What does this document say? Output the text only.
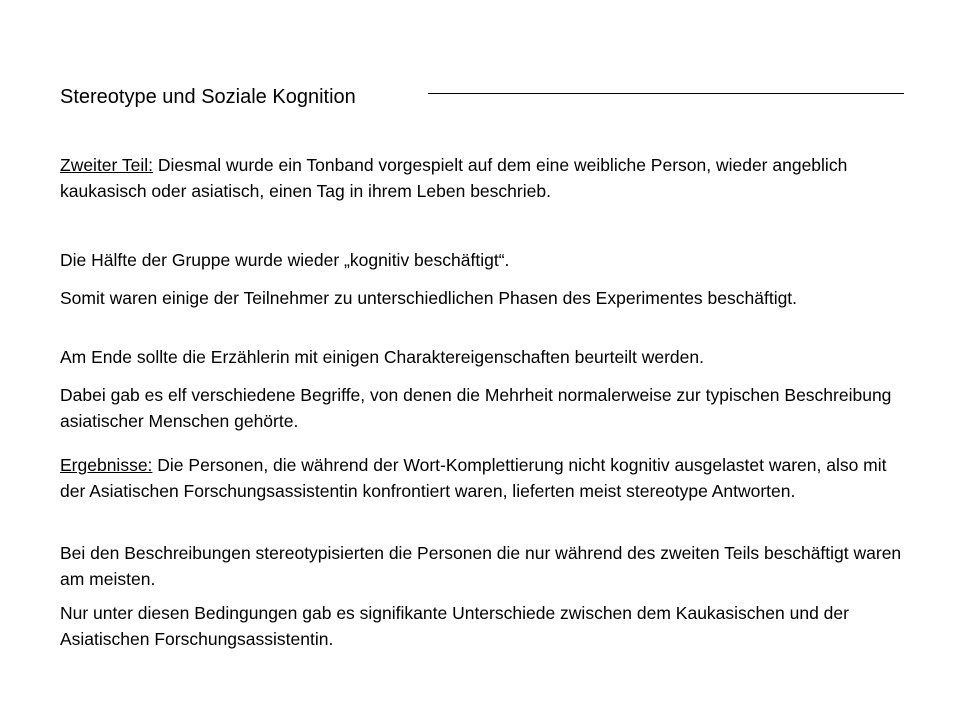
Stereotype und Soziale Kognition

Zweiter Teil: Diesmal wurde ein Tonband vorgespielt auf dem eine weibliche Person, wieder angeblich kaukasisch oder asiatisch, einen Tag in ihrem Leben beschrieb.

Die Hälfte der Gruppe wurde wieder „kognitiv beschäftigt“.

Somit waren einige der Teilnehmer zu unterschiedlichen Phasen des Experimentes beschäftigt.

Am Ende sollte die Erzählerin mit einigen Charaktereigenschaften beurteilt werden.

Dabei gab es elf verschiedene Begriffe, von denen die Mehrheit normalerweise zur typischen Beschreibung asiatischer Menschen gehörte.

Ergebnisse: Die Personen, die während der Wort-Komplettierung nicht kognitiv ausgelastet waren, also mit der Asiatischen Forschungsassistentin konfrontiert waren, lieferten meist stereotype Antworten.

Bei den Beschreibungen stereotypisierten die Personen die nur während des zweiten Teils beschäftigt waren am meisten.

Nur unter diesen Bedingungen gab es signifikante Unterschiede zwischen dem Kaukasischen und der Asiatischen Forschungsassistentin.
